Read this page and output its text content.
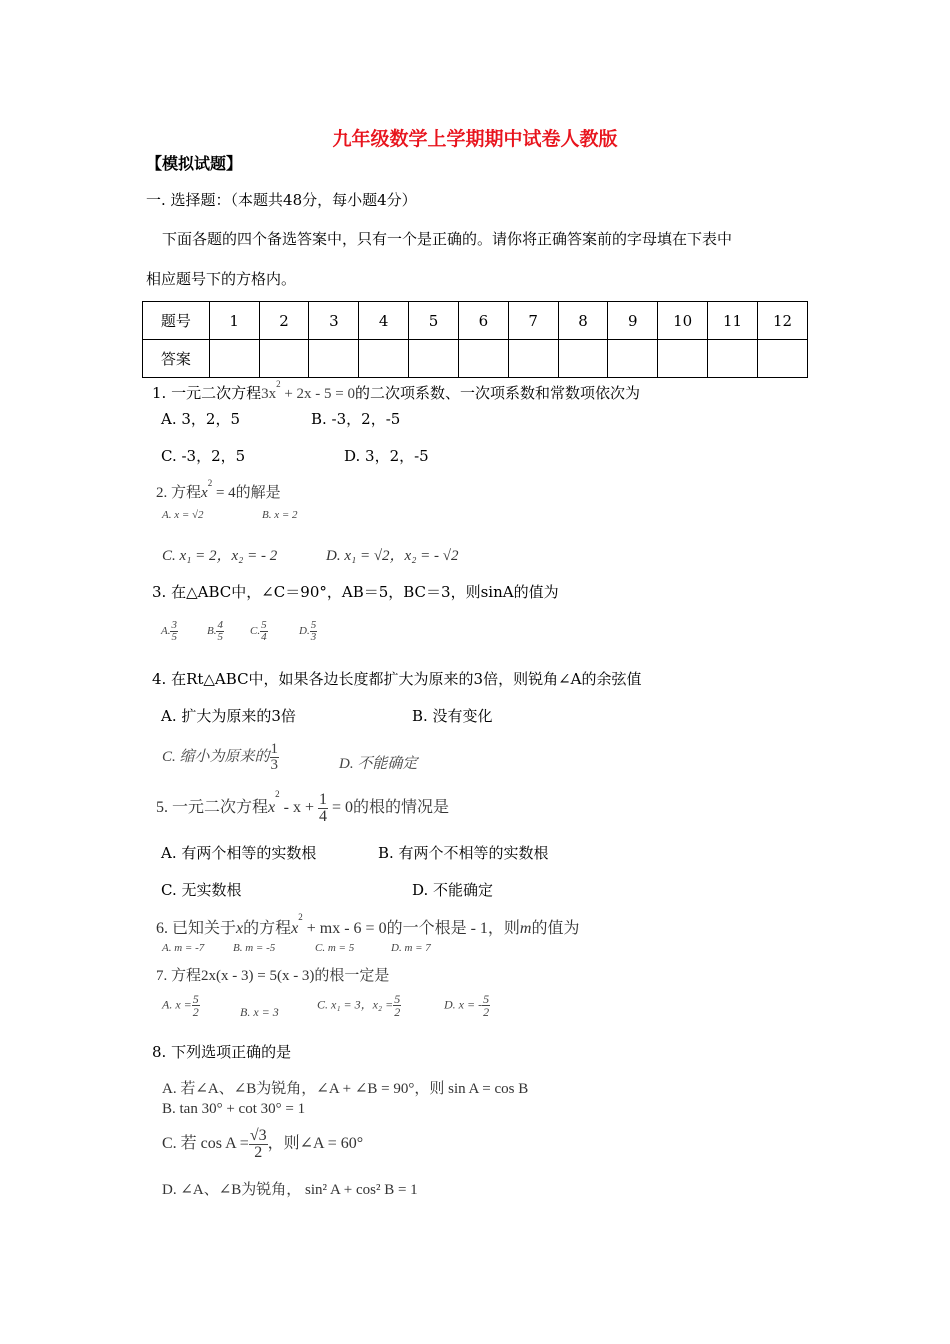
九年级数学上学期期中试卷人教版
【模拟试题】
一. 选择题：（本题共48分，每小题4分）
下面各题的四个备选答案中，只有一个是正确的。请你将正确答案前的字母填在下表中
相应题号下的方格内。
题号	1	2	3	4	5	6	7	8	9	10	11	12
答案												
1. 一元二次方程$3x^2 + 2x - 5 = 0$的二次项系数、一次项系数和常数项依次为
A. 3，2，5	B. -3，2，-5
C. -3，2，5	D. 3，2，-5
2. 方程$x^2 = 4$的解是
A. x = √2	B. x = 2
C. x₁ = 2，x₂ = - 2	D. x₁ = √2，x₂ = - √2
3. 在△ABC中，∠C＝90°，AB＝5，BC＝3，则sinA的值为
A. $\frac{3}{5}$	B. $\frac{4}{5} C$. $\frac{5}{4}$	D. $\frac{5}{3}$
4. 在Rt△ABC中，如果各边长度都扩大为原来的3倍，则锐角∠A的余弦值
A. 扩大为原来的3倍	B. 没有变化
C. 缩小为原来的 $\frac{1}{3}$	D. 不能确定
5. 一元二次方程$x^2 - x + \frac{1}{4} = 0$的根的情况是
A. 有两个相等的实数根	B. 有两个不相等的实数根
C. 无实数根	D. 不能确定
6. 已知关于x的方程$x^2$ + mx - 6 = 0的一个根是 - 1，则m的值为
A. m = -7	B. m = -5	C. m = 5	D. m = 7
7. 方程2x(x - 3) = 5(x - 3)的根一定是
A. $x = \frac{5}{2}$	B. x = 3
C. x₁ = 3，$x_2 = \frac{5}{2}$	D. x = - $\frac{5}{2}$
8. 下列选项正确的是
A. 若∠A、∠B为锐角，∠A + ∠B = 90°，则 sin A = cos B
B. tan 30° + cot 30° = 1
C. 若 $\cos A = \frac{√3}{2}$ ，则∠A = 60°
D. ∠A、∠B为锐角， sin² A + cos² B = 1
